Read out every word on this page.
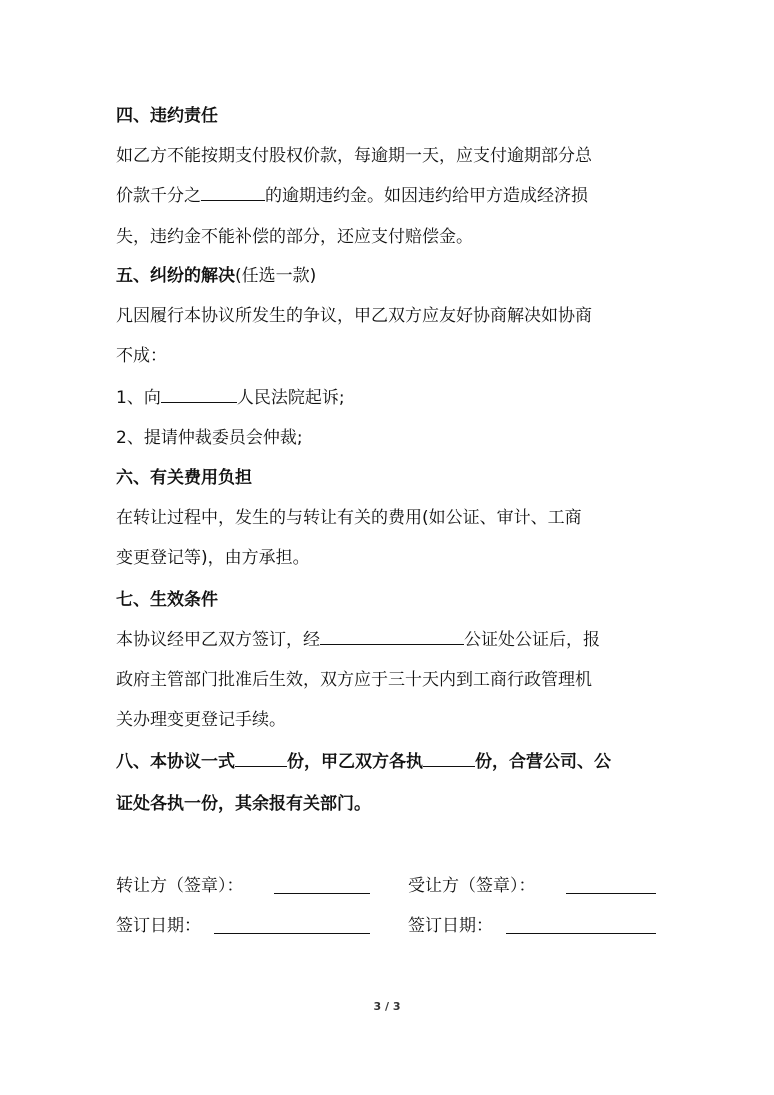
四、违约责任
如乙方不能按期支付股权价款，每逾期一天，应支付逾期部分总
价款千分之	的逾期违约金。如因违约给甲方造成经济损
失，违约金不能补偿的部分，还应支付赔偿金。
五、纠纷的解决(任选一款)
凡因履行本协议所发生的争议，甲乙双方应友好协商解决如协商
不成：
1、向	人民法院起诉;
2、提请仲裁委员会仲裁;
六、有关费用负担
在转让过程中，发生的与转让有关的费用(如公证、审计、工商
变更登记等)，由方承担。
七、生效条件
本协议经甲乙双方签订，经	公证处公证后，报
政府主管部门批准后生效，双方应于三十天内到工商行政管理机
关办理变更登记手续。
八、本协议一式	份，甲乙双方各执	份，合营公司、公
证处各执一份，其余报有关部门。
转让方（签章）：	受让方（签章）：
签订日期：	签订日期：
3 / 3
